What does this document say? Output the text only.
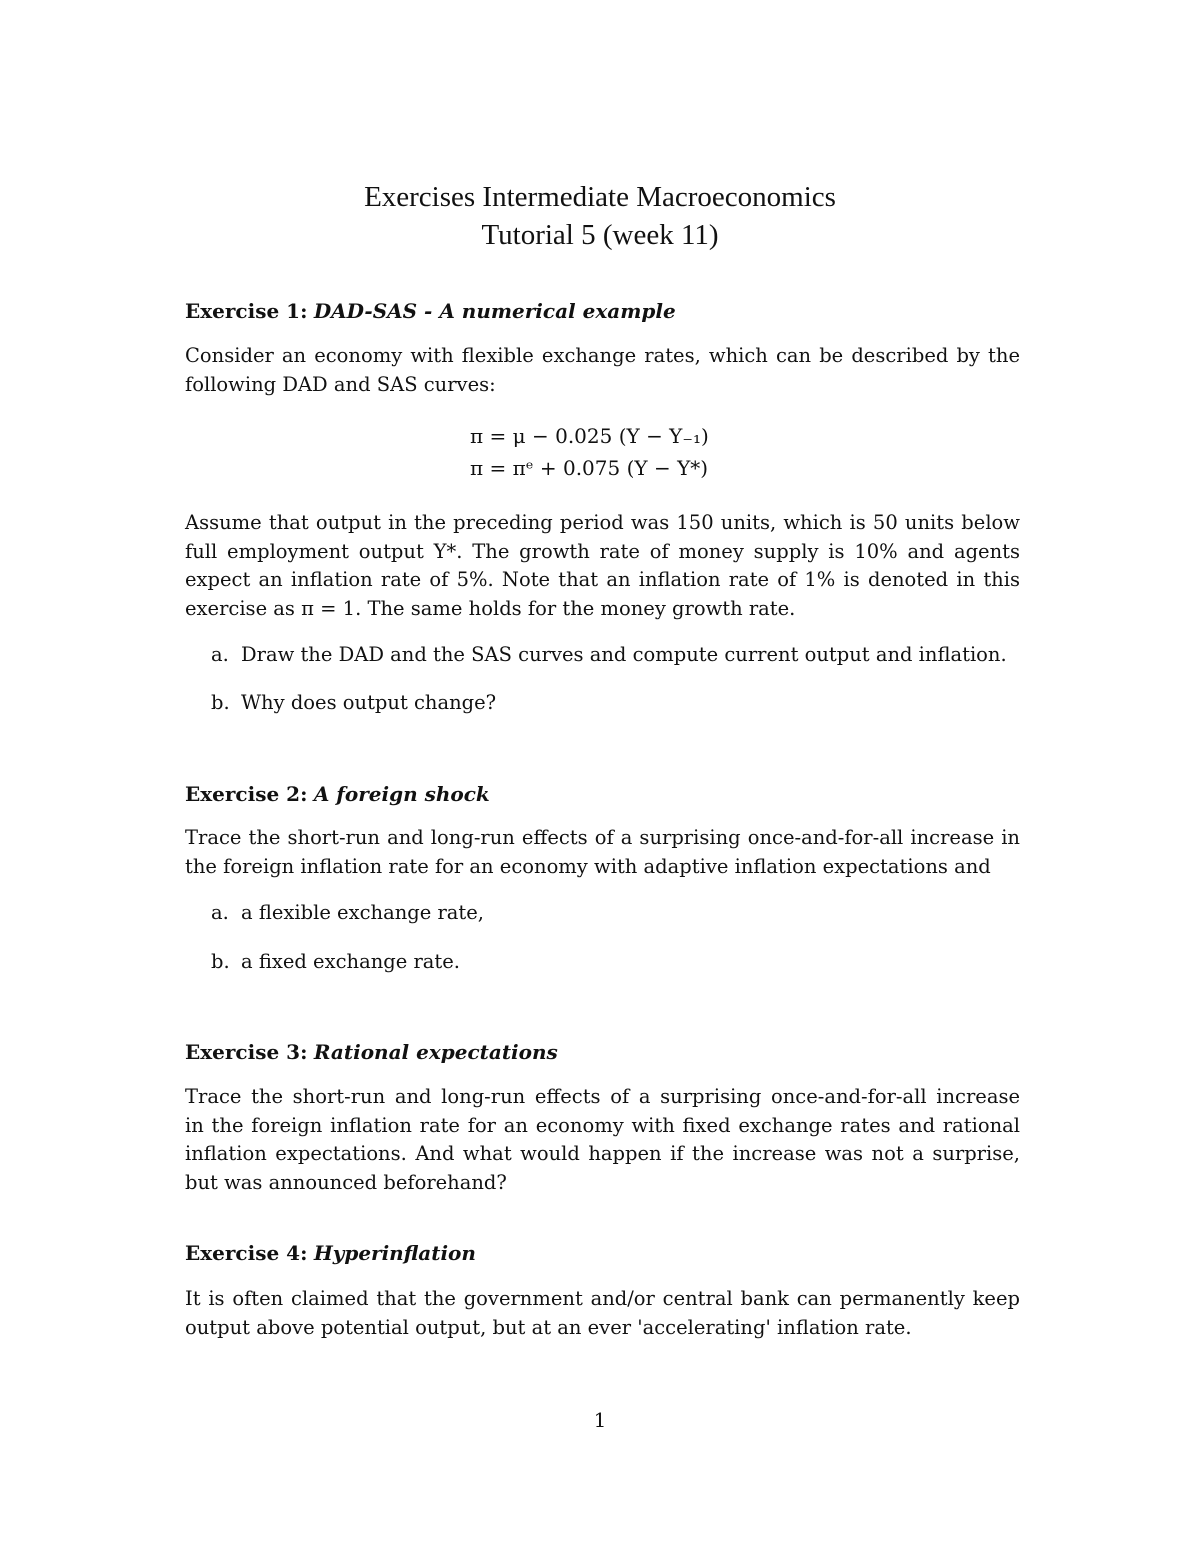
Exercises Intermediate Macroeconomics
Tutorial 5 (week 11)
Exercise 1: DAD-SAS - A numerical example
Consider an economy with flexible exchange rates, which can be described by the
following DAD and SAS curves:
π = μ − 0.025 (Y − Y₋₁)
π = πᵉ + 0.075 (Y − Y*)
Assume that output in the preceding period was 150 units, which is 50 units below
full employment output Y*. The growth rate of money supply is 10% and agents
expect an inflation rate of 5%. Note that an inflation rate of 1% is denoted in this
exercise as π = 1. The same holds for the money growth rate.
a. Draw the DAD and the SAS curves and compute current output and inflation.
b. Why does output change?
Exercise 2: A foreign shock
Trace the short-run and long-run effects of a surprising once-and-for-all increase in
the foreign inflation rate for an economy with adaptive inflation expectations and
a. a flexible exchange rate,
b. a fixed exchange rate.
Exercise 3: Rational expectations
Trace the short-run and long-run effects of a surprising once-and-for-all increase
in the foreign inflation rate for an economy with fixed exchange rates and rational
inflation expectations. And what would happen if the increase was not a surprise,
but was announced beforehand?
Exercise 4: Hyperinflation
It is often claimed that the government and/or central bank can permanently keep
output above potential output, but at an ever 'accelerating' inflation rate.
1
